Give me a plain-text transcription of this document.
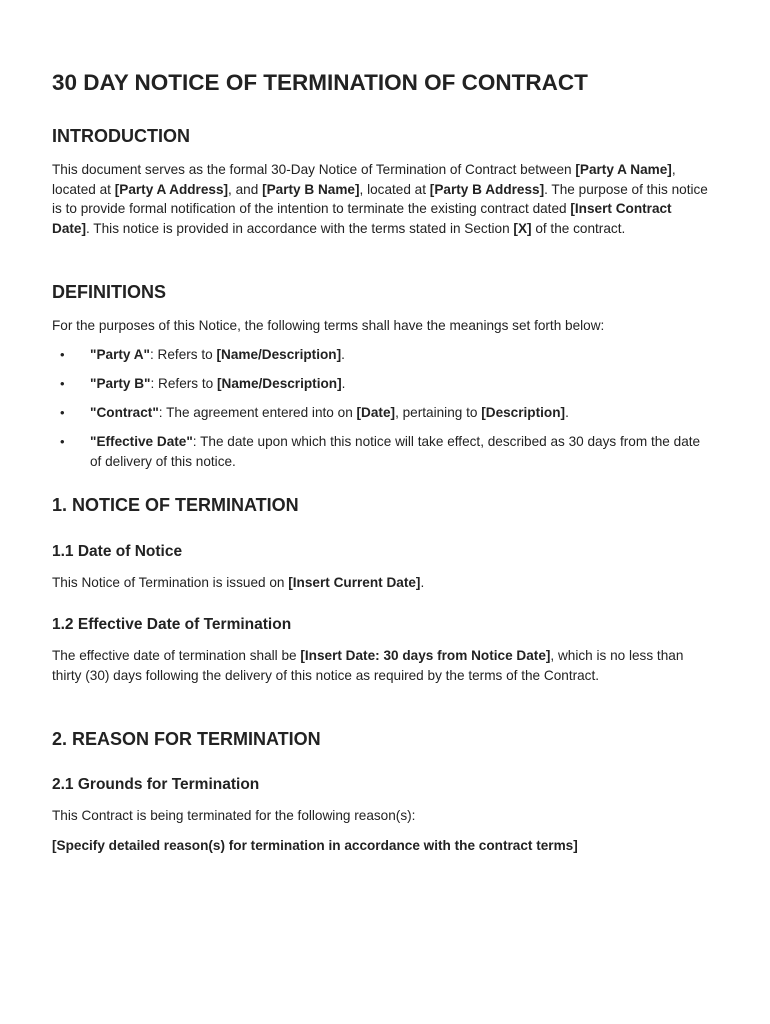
30 DAY NOTICE OF TERMINATION OF CONTRACT
INTRODUCTION

This document serves as the formal 30-Day Notice of Termination of Contract between [Party A Name], located at [Party A Address], and [Party B Name], located at [Party B Address]. The purpose of this notice is to provide formal notification of the intention to terminate the existing contract dated [Insert Contract Date]. This notice is provided in accordance with the terms stated in Section [X] of the contract.

DEFINITIONS

For the purposes of this Notice, the following terms shall have the meanings set forth below:

• "Party A": Refers to [Name/Description].
• "Party B": Refers to [Name/Description].
• "Contract": The agreement entered into on [Date], pertaining to [Description].
• "Effective Date": The date upon which this notice will take effect, described as 30 days from the date of delivery of this notice.
1. NOTICE OF TERMINATION
1.1 Date of Notice

This Notice of Termination is issued on [Insert Current Date].

1.2 Effective Date of Termination

The effective date of termination shall be [Insert Date: 30 days from Notice Date], which is no less than thirty (30) days following the delivery of this notice as required by the terms of the Contract.

2. REASON FOR TERMINATION
2.1 Grounds for Termination

This Contract is being terminated for the following reason(s):

[Specify detailed reason(s) for termination in accordance with the contract terms]
